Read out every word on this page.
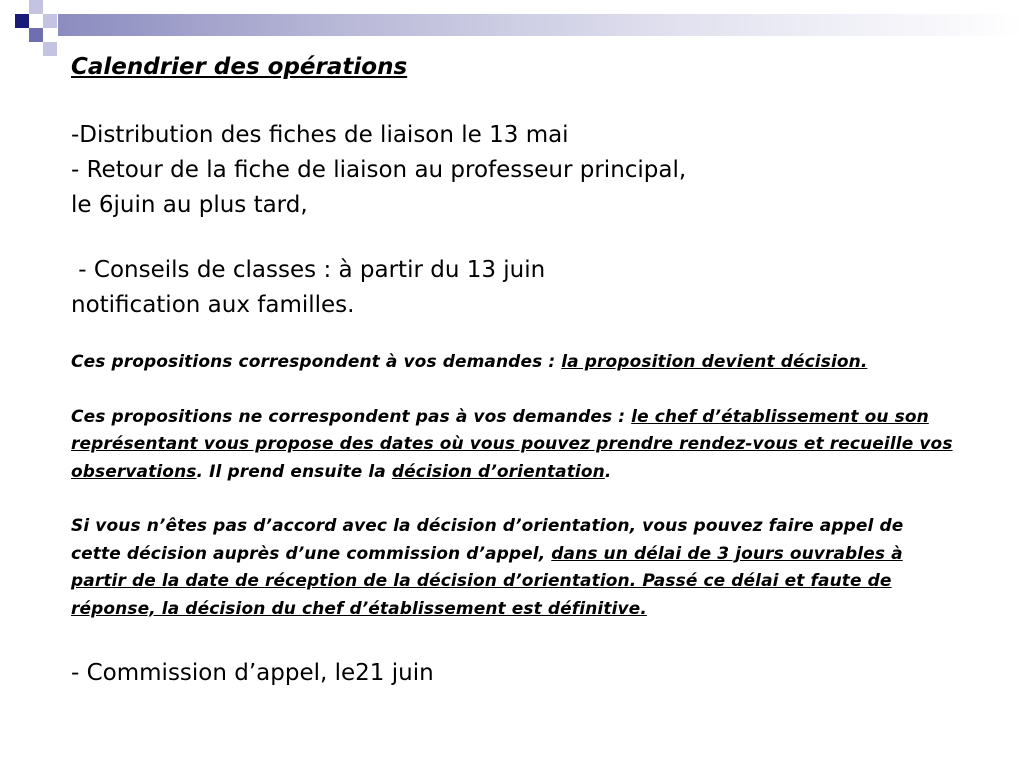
Calendrier des opérations

-Distribution des fiches de liaison le 13 mai
- Retour de la fiche de liaison au professeur principal,
le 6juin au plus tard,
- Conseils de classes : à partir du 13 juin
notification aux familles.
Ces propositions correspondent à vos demandes : la proposition devient décision.
Ces propositions ne correspondent pas à vos demandes : le chef d’établissement ou son représentant vous propose des dates où vous pouvez prendre rendez-vous et recueille vos observations. Il prend ensuite la décision d’orientation.
Si vous n’êtes pas d’accord avec la décision d’orientation, vous pouvez faire appel de cette décision auprès d’une commission d’appel, dans un délai de 3 jours ouvrables à partir de la date de réception de la décision d’orientation. Passé ce délai et faute de réponse, la décision du chef d’établissement est définitive.
- Commission d’appel, le21 juin
